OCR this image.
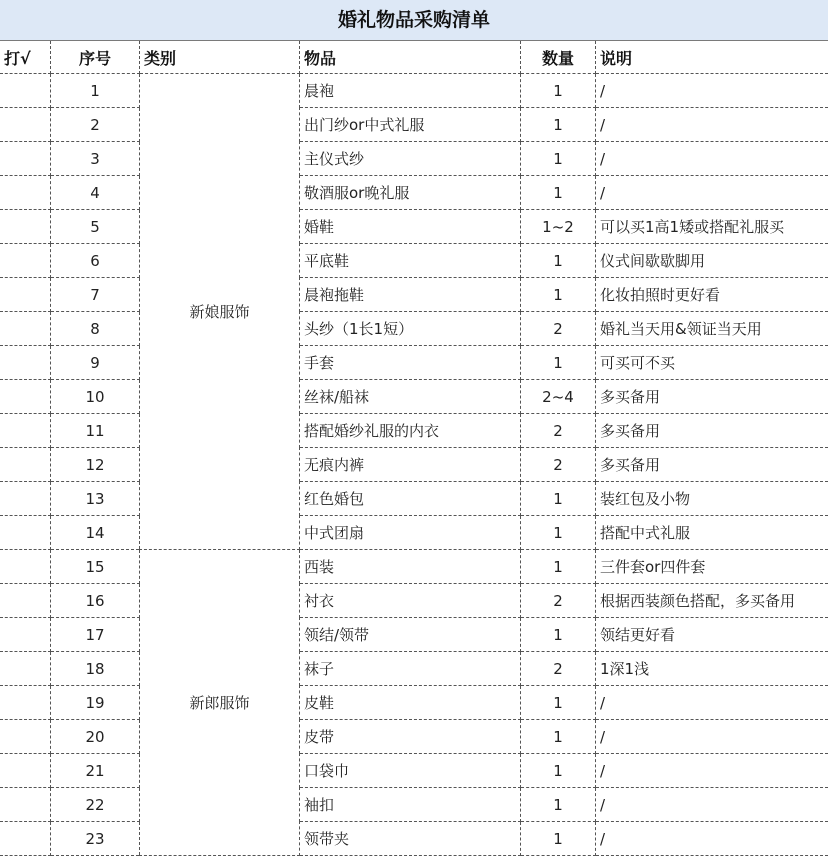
婚礼物品采购清单
打√	序号	类别	物品	数量	说明
	1	新娘服饰	晨袍	1	/
	2		出门纱or中式礼服	1	/
	3		主仪式纱	1	/
	4		敬酒服or晚礼服	1	/
	5		婚鞋	1~2	可以买1高1矮或搭配礼服买
	6		平底鞋	1	仪式间歇歇脚用
	7		晨袍拖鞋	1	化妆拍照时更好看
	8		头纱（1长1短）	2	婚礼当天用&领证当天用
	9		手套	1	可买可不买
	10		丝袜/船袜	2~4	多买备用
	11		搭配婚纱礼服的内衣	2	多买备用
	12		无痕内裤	2	多买备用
	13		红色婚包	1	装红包及小物
	14		中式团扇	1	搭配中式礼服
	15	新郎服饰	西装	1	三件套or四件套
	16		衬衣	2	根据西装颜色搭配，多买备用
	17		领结/领带	1	领结更好看
	18		袜子	2	1深1浅
	19		皮鞋	1	/
	20		皮带	1	/
	21		口袋巾	1	/
	22		袖扣	1	/
	23		领带夹	1	/
